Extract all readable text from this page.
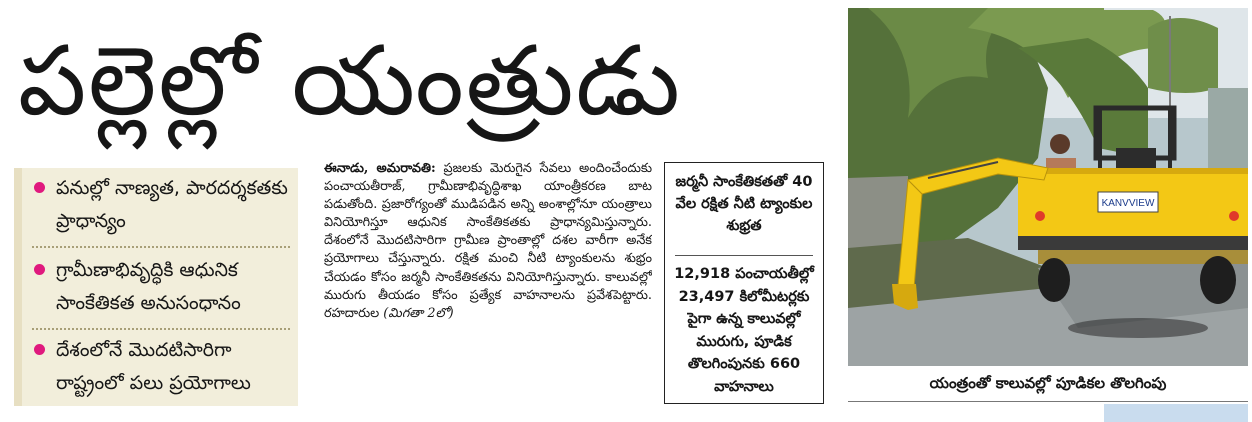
పల్లెల్లో యంత్రుడు
పనుల్లో నాణ్యత, పారదర్శకతకు ప్రాధాన్యం
గ్రామీణాభివృద్ధికి ఆధునిక సాంకేతికత అనుసంధానం
దేశంలోనే మొదటిసారిగా రాష్ట్రంలో పలు ప్రయోగాలు
ఈనాడు, అమరావతి: ప్రజలకు మెరుగైన సేవలు అందించేందుకు పంచాయతీరాజ్, గ్రామీణాభివృద్ధిశాఖ యాంత్రీకరణ బాట పడుతోంది. ప్రజారోగ్యంతో ముడిపడిన అన్ని అంశాల్లోనూ యంత్రాలు వినియోగిస్తూ ఆధునిక సాంకేతికతకు ప్రాధాన్యమిస్తున్నారు. దేశంలోనే మొదటిసారిగా గ్రామీణ ప్రాంతాల్లో దశల వారీగా అనేక ప్రయోగాలు చేస్తున్నారు. రక్షిత మంచి నీటి ట్యాంకులను శుభ్రం చేయడం కోసం జర్మనీ సాంకేతికతను వినియోగిస్తున్నారు. కాలువల్లో మురుగు తీయడం కోసం ప్రత్యేక వాహనాలను ప్రవేశపెట్టారు. రహదారుల (మిగతా 2లో)
జర్మనీ సాంకేతికతతో 40 వేల రక్షిత నీటి ట్యాంకుల శుభ్రత
12,918 పంచాయతీల్లో 23,497 కిలోమీటర్లకు పైగా ఉన్న కాలువల్లో మురుగు, పూడిక తొలగింపునకు 660 వాహనాలు
KANVVIEW
యంత్రంతో కాలువల్లో పూడికల తొలగింపు
